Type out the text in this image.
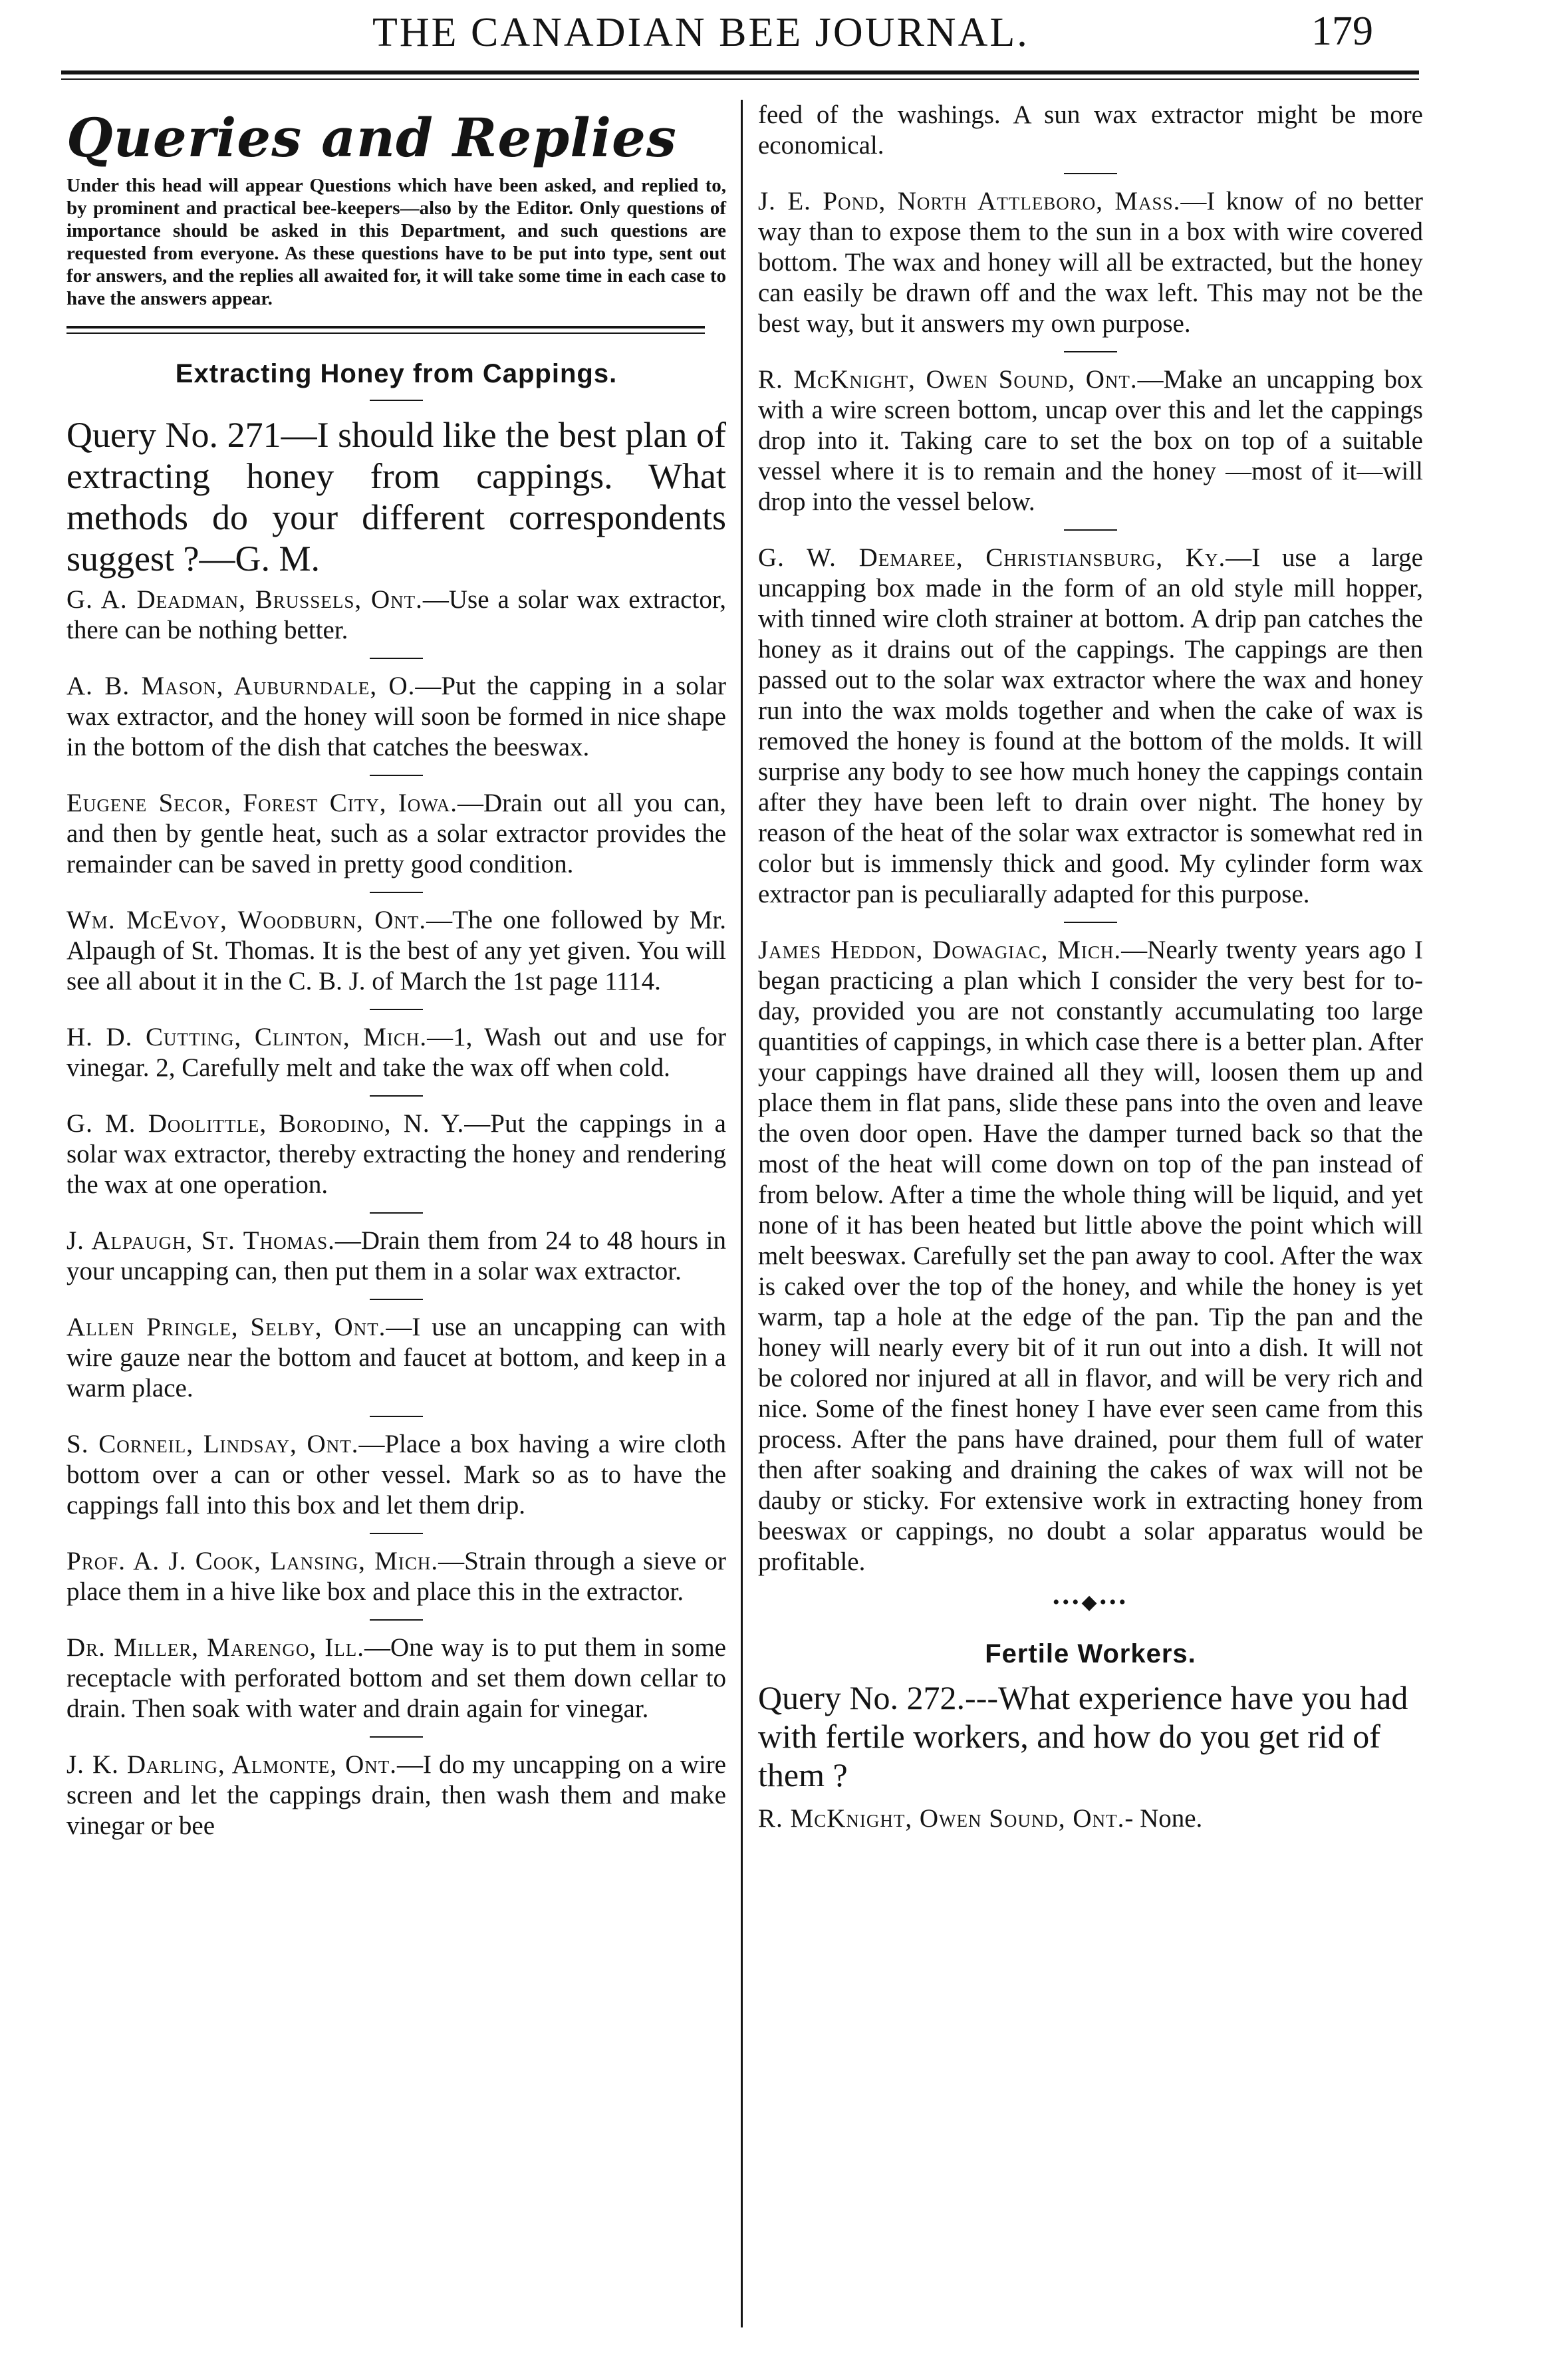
THE CANADIAN BEE JOURNAL.	179
Queries and Replies

Under this head will appear Questions which have been asked, and replied to, by prominent and practical bee-keepers—also by the Editor. Only questions of importance should be asked in this Department, and such questions are requested from everyone. As these questions have to be put into type, sent out for answers, and the replies all awaited for, it will take some time in each case to have the answers appear.

Extracting Honey from Cappings.

Query No. 271—I should like the best plan of extracting honey from cappings. What methods do your different correspondents suggest ?—G. M.

G. A. Deadman, Brussels, Ont.—Use a solar wax extractor, there can be nothing better.

A. B. Mason, Auburndale, O.—Put the capping in a solar wax extractor, and the honey will soon be formed in nice shape in the bottom of the dish that catches the beeswax.

Eugene Secor, Forest City, Iowa.—Drain out all you can, and then by gentle heat, such as a solar extractor provides the remainder can be saved in pretty good condition.

Wm. McEvoy, Woodburn, Ont.—The one followed by Mr. Alpaugh of St. Thomas. It is the best of any yet given. You will see all about it in the C. B. J. of March the 1st page 1114.

H. D. Cutting, Clinton, Mich.—1, Wash out and use for vinegar. 2, Carefully melt and take the wax off when cold.

G. M. Doolittle, Borodino, N. Y.—Put the cappings in a solar wax extractor, thereby extracting the honey and rendering the wax at one operation.

J. Alpaugh, St. Thomas.—Drain them from 24 to 48 hours in your uncapping can, then put them in a solar wax extractor.

Allen Pringle, Selby, Ont.—I use an uncapping can with wire gauze near the bottom and faucet at bottom, and keep in a warm place.

S. Corneil, Lindsay, Ont.—Place a box having a wire cloth bottom over a can or other vessel. Mark so as to have the cappings fall into this box and let them drip.

Prof. A. J. Cook, Lansing, Mich.—Strain through a sieve or place them in a hive like box and place this in the extractor.

Dr. Miller, Marengo, Ill.—One way is to put them in some receptacle with perforated bottom and set them down cellar to drain. Then soak with water and drain again for vinegar.

J. K. Darling, Almonte, Ont.—I do my uncapping on a wire screen and let the cappings drain, then wash them and make vinegar or bee

feed of the washings. A sun wax extractor might be more economical.

J. E. Pond, North Attleboro, Mass.—I know of no better way than to expose them to the sun in a box with wire covered bottom. The wax and honey will all be extracted, but the honey can easily be drawn off and the wax left. This may not be the best way, but it answers my own purpose.

R. McKnight, Owen Sound, Ont.—Make an uncapping box with a wire screen bottom, uncap over this and let the cappings drop into it. Taking care to set the box on top of a suitable vessel where it is to remain and the honey —most of it—will drop into the vessel below.

G. W. Demaree, Christiansburg, Ky.—I use a large uncapping box made in the form of an old style mill hopper, with tinned wire cloth strainer at bottom. A drip pan catches the honey as it drains out of the cappings. The cappings are then passed out to the solar wax extractor where the wax and honey run into the wax molds together and when the cake of wax is removed the honey is found at the bottom of the molds. It will surprise any body to see how much honey the cappings contain after they have been left to drain over night. The honey by reason of the heat of the solar wax extractor is somewhat red in color but is immensly thick and good. My cylinder form wax extractor pan is peculiarally adapted for this purpose.

James Heddon, Dowagiac, Mich.—Nearly twenty years ago I began practicing a plan which I consider the very best for to-day, provided you are not constantly accumulating too large quantities of cappings, in which case there is a better plan. After your cappings have drained all they will, loosen them up and place them in flat pans, slide these pans into the oven and leave the oven door open. Have the damper turned back so that the most of the heat will come down on top of the pan instead of from below. After a time the whole thing will be liquid, and yet none of it has been heated but little above the point which will melt beeswax. Carefully set the pan away to cool. After the wax is caked over the top of the honey, and while the honey is yet warm, tap a hole at the edge of the pan. Tip the pan and the honey will nearly every bit of it run out into a dish. It will not be colored nor injured at all in flavor, and will be very rich and nice. Some of the finest honey I have ever seen came from this process. After the pans have drained, pour them full of water then after soaking and draining the cakes of wax will not be dauby or sticky. For extensive work in extracting honey from beeswax or cappings, no doubt a solar apparatus would be profitable.

•••◆•••
Fertile Workers.

Query No. 272.---What experience have you had with fertile workers, and how do you get rid of them ?

R. McKnight, Owen Sound, Ont.- None.
